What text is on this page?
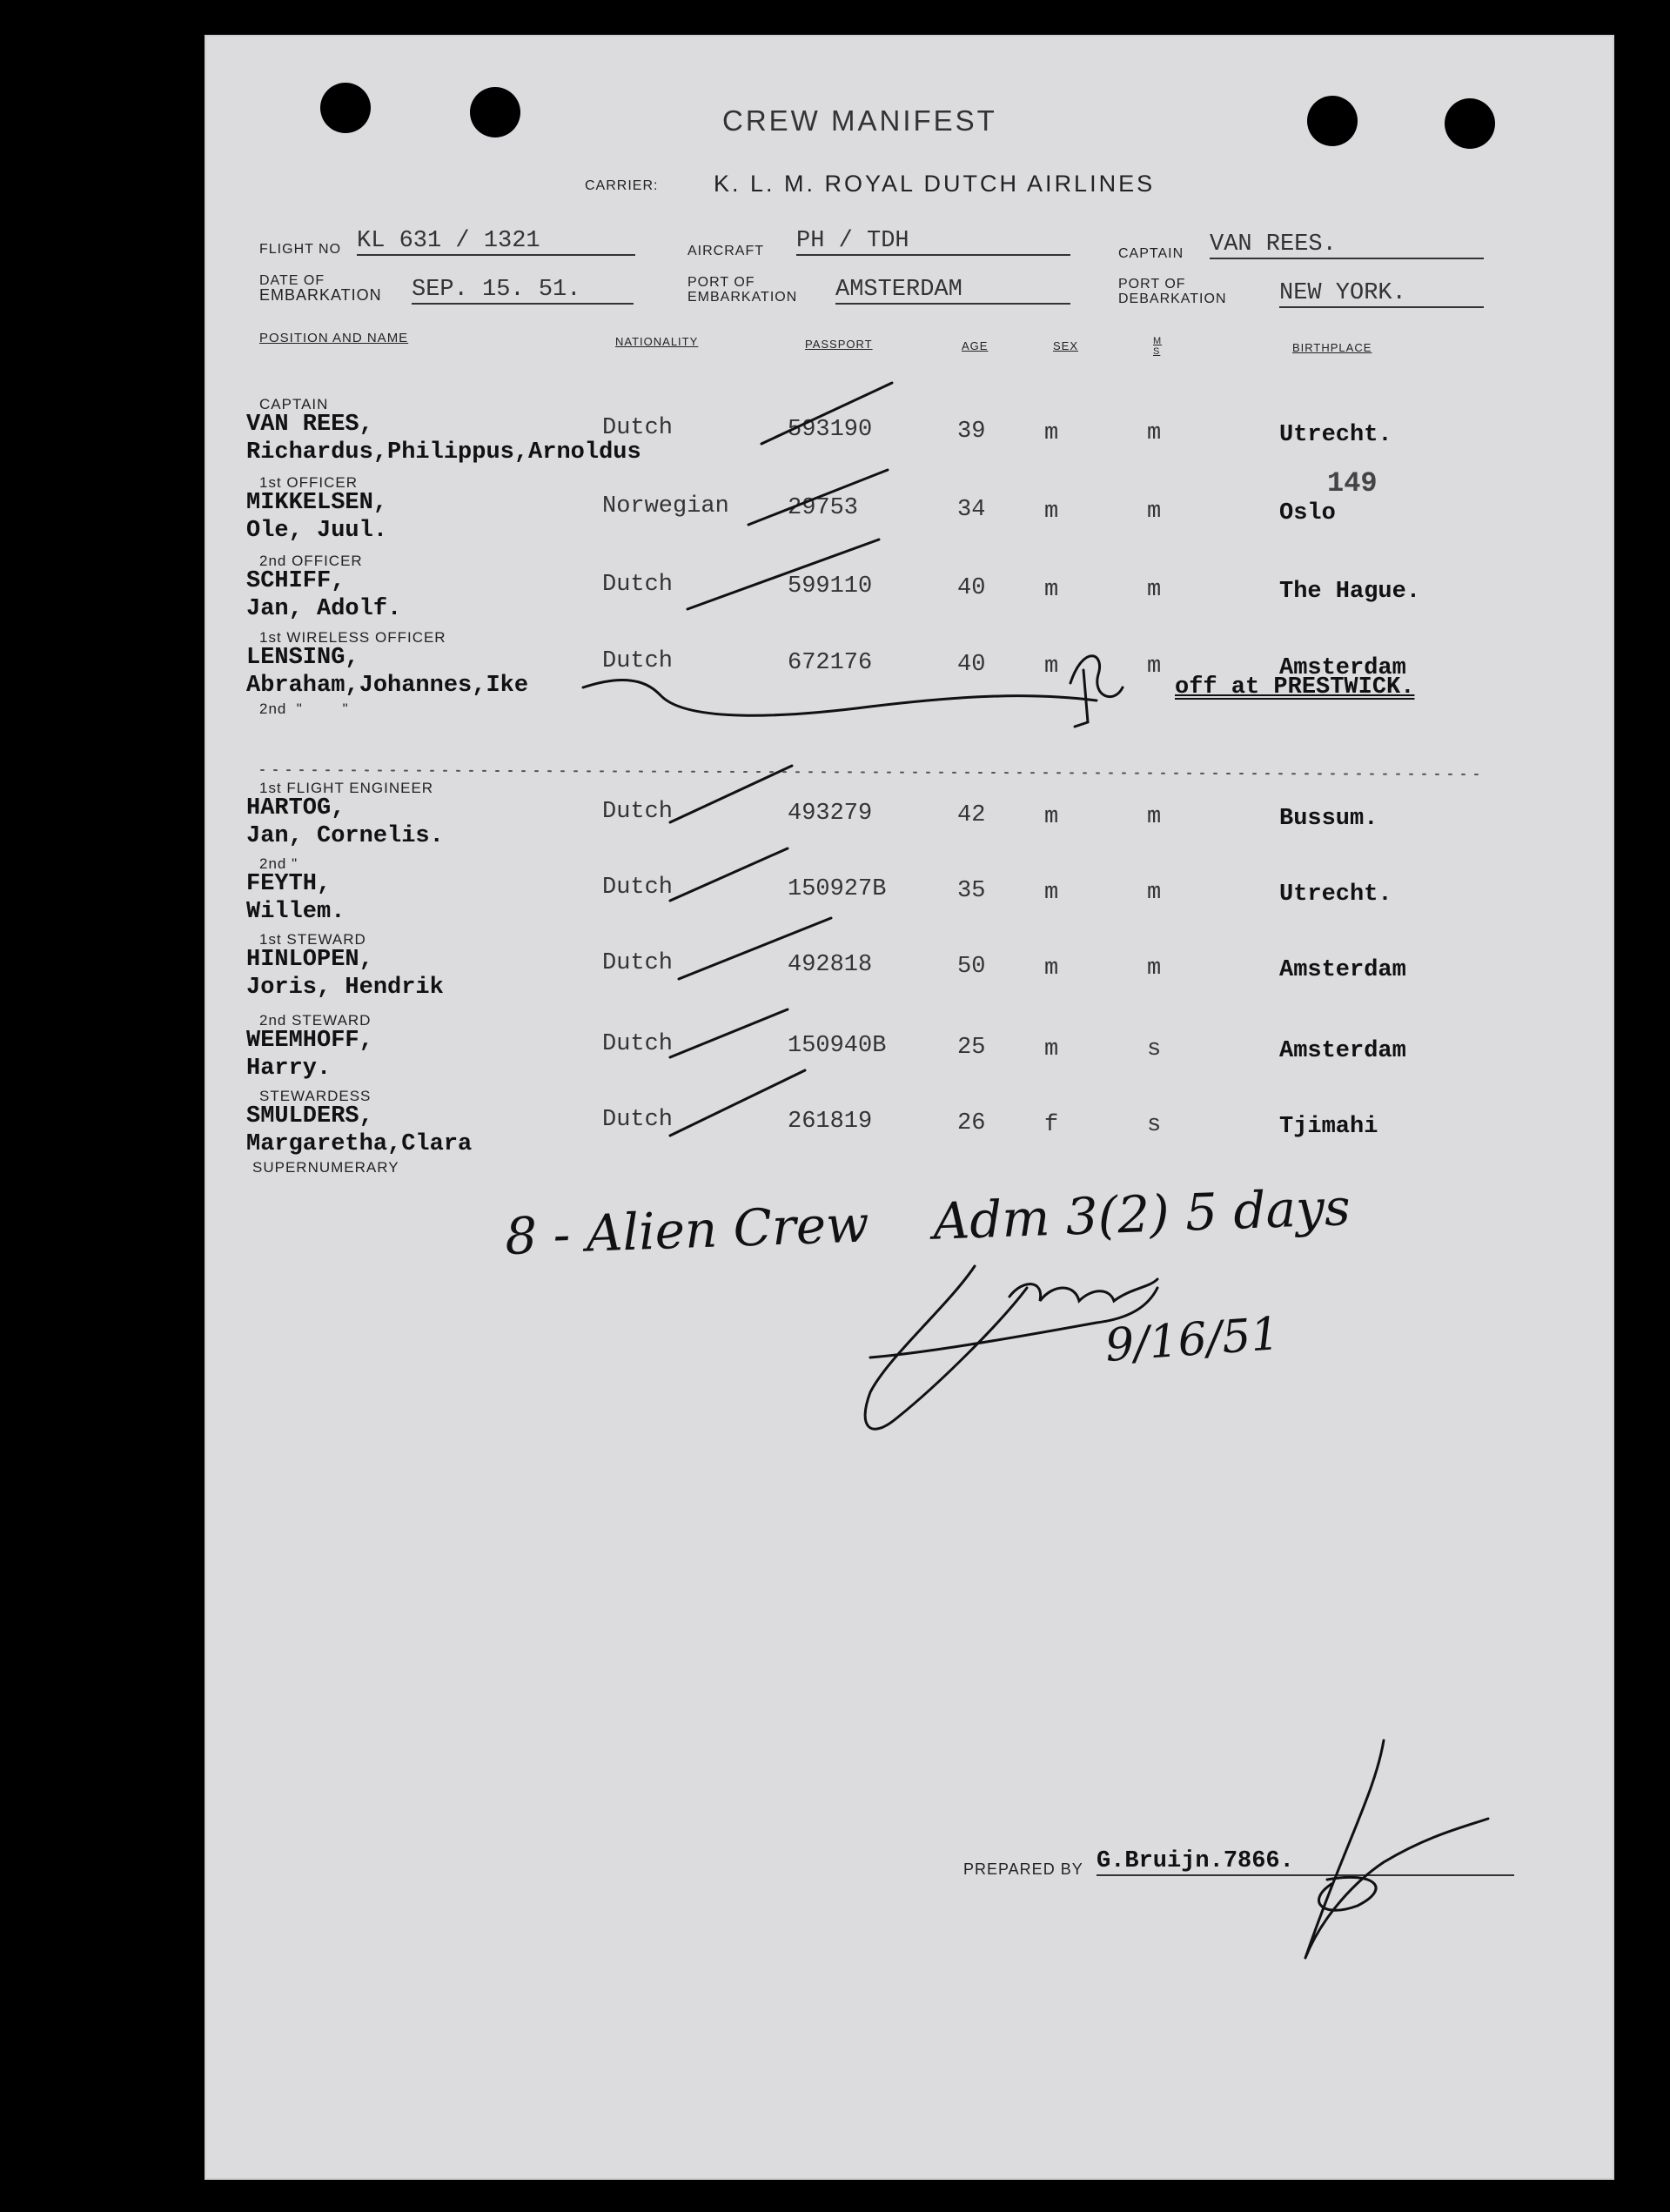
CREW MANIFEST
CARRIER: K. L. M. ROYAL DUTCH AIRLINES
FLIGHT NO KL 631 / 1321	AIRCRAFT PH / TDH	CAPTAIN VAN REES.
DATE OF
EMBARKATION SEP. 15. 51.	PORT OF
EMBARKATION AMSTERDAM	PORT OF
DEBARKATION NEW YORK.
POSITION AND NAME	NATIONALITY	PASSPORT	AGE	SEX	M S	BIRTHPLACE
CAPTAIN
VAN REES,
Richardus,Philippus,Arnoldus
Dutch	593190	39	m	m	Utrecht.
1st OFFICER
MIKKELSEN,
Ole, Juul.
Norwegian 29753	34	m	m	Oslo
2nd OFFICER
SCHIFF,
Jan, Adolf.
Dutch	599110	40	m	m	The Hague.
1st WIRELESS OFFICER
LENSING,
Abraham,Johannes,Ike
Dutch	672176	40	m	m	Amsterdam
1st FLIGHT ENGINEER
HARTOG,
Jan, Cornelis.
Dutch	493279	42	m	m	Bussum.
2nd "
FEYTH,
Willem.
Dutch	150927B	35	m	m	Utrecht.
1st STEWARD
HINLOPEN,
Joris, Hendrik
Dutch	492818	50	m	m	Amsterdam
2nd STEWARD
WEEMHOFF,
Harry.
Dutch	150940B	25	m	s	Amsterdam
STEWARDESS
SMULDERS,
Margaretha,Clara
Dutch	261819	26	f	s	Tjimahi
2nd  "        "
SUPERNUMERARY
149
off at PRESTWICK.
8 - Alien Crew    Adm 3(2) 5 days
9/16/51
PREPARED BY G.Bruijn.7866.
